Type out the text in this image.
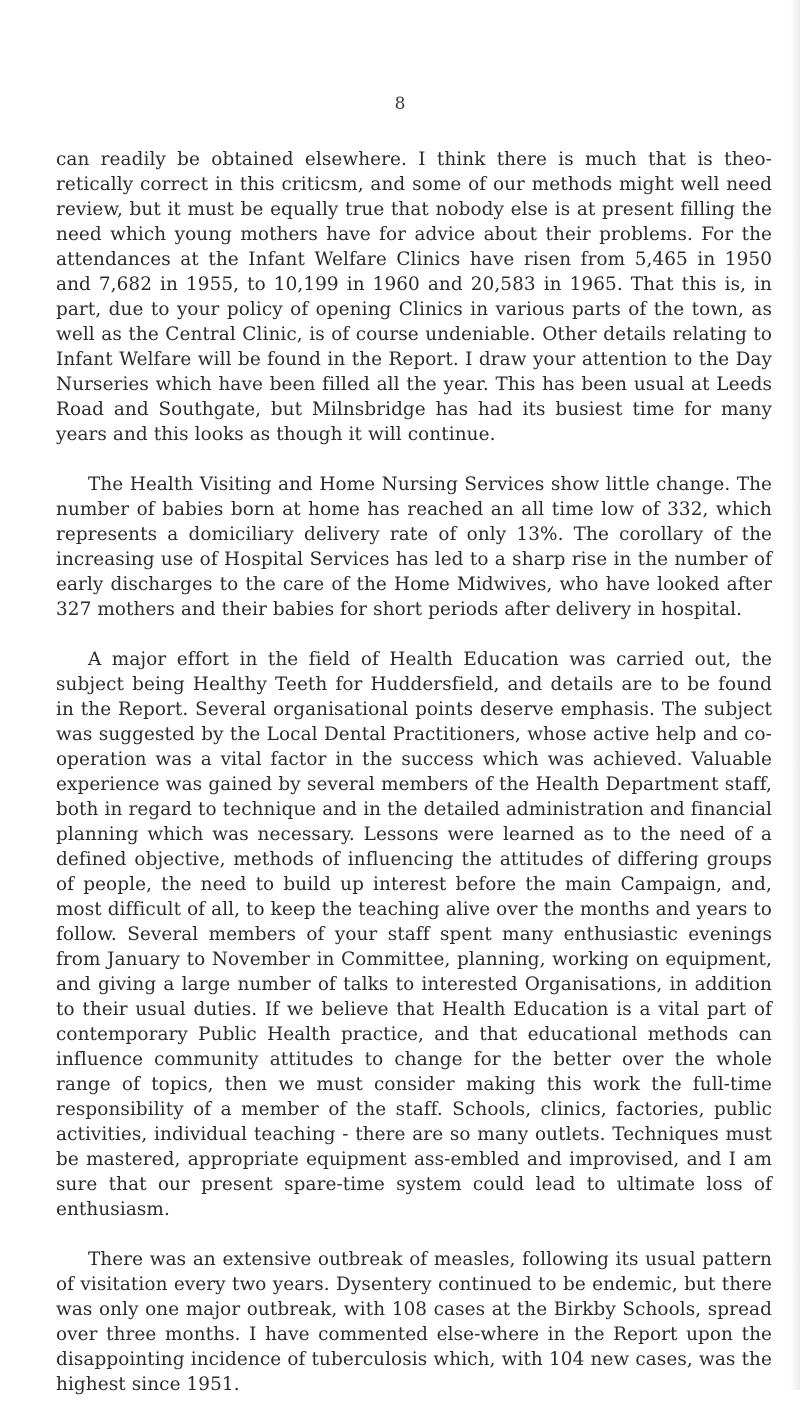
8

can readily be obtained elsewhere. I think there is much that is theo-retically correct in this criticsm, and some of our methods might well need review, but it must be equally true that nobody else is at present filling the need which young mothers have for advice about their problems. For the attendances at the Infant Welfare Clinics have risen from 5,465 in 1950 and 7,682 in 1955, to 10,199 in 1960 and 20,583 in 1965. That this is, in part, due to your policy of opening Clinics in various parts of the town, as well as the Central Clinic, is of course undeniable. Other details relating to Infant Welfare will be found in the Report. I draw your attention to the Day Nurseries which have been filled all the year. This has been usual at Leeds Road and Southgate, but Milnsbridge has had its busiest time for many years and this looks as though it will continue.

The Health Visiting and Home Nursing Services show little change. The number of babies born at home has reached an all time low of 332, which represents a domiciliary delivery rate of only 13%. The corollary of the increasing use of Hospital Services has led to a sharp rise in the number of early discharges to the care of the Home Midwives, who have looked after 327 mothers and their babies for short periods after delivery in hospital.

A major effort in the field of Health Education was carried out, the subject being Healthy Teeth for Huddersfield, and details are to be found in the Report. Several organisational points deserve emphasis. The subject was suggested by the Local Dental Practitioners, whose active help and co-operation was a vital factor in the success which was achieved. Valuable experience was gained by several members of the Health Department staff, both in regard to technique and in the detailed administration and financial planning which was necessary. Lessons were learned as to the need of a defined objective, methods of influencing the attitudes of differing groups of people, the need to build up interest before the main Campaign, and, most difficult of all, to keep the teaching alive over the months and years to follow. Several members of your staff spent many enthusiastic evenings from January to November in Committee, planning, working on equipment, and giving a large number of talks to interested Organisations, in addition to their usual duties. If we believe that Health Education is a vital part of contemporary Public Health practice, and that educational methods can influence community attitudes to change for the better over the whole range of topics, then we must consider making this work the full-time responsibility of a member of the staff. Schools, clinics, factories, public activities, individual teaching - there are so many outlets. Techniques must be mastered, appropriate equipment ass-embled and improvised, and I am sure that our present spare-time system could lead to ultimate loss of enthusiasm.

There was an extensive outbreak of measles, following its usual pattern of visitation every two years. Dysentery continued to be endemic, but there was only one major outbreak, with 108 cases at the Birkby Schools, spread over three months. I have commented else-where in the Report upon the disappointing incidence of tuberculosis which, with 104 new cases, was the highest since 1951.
